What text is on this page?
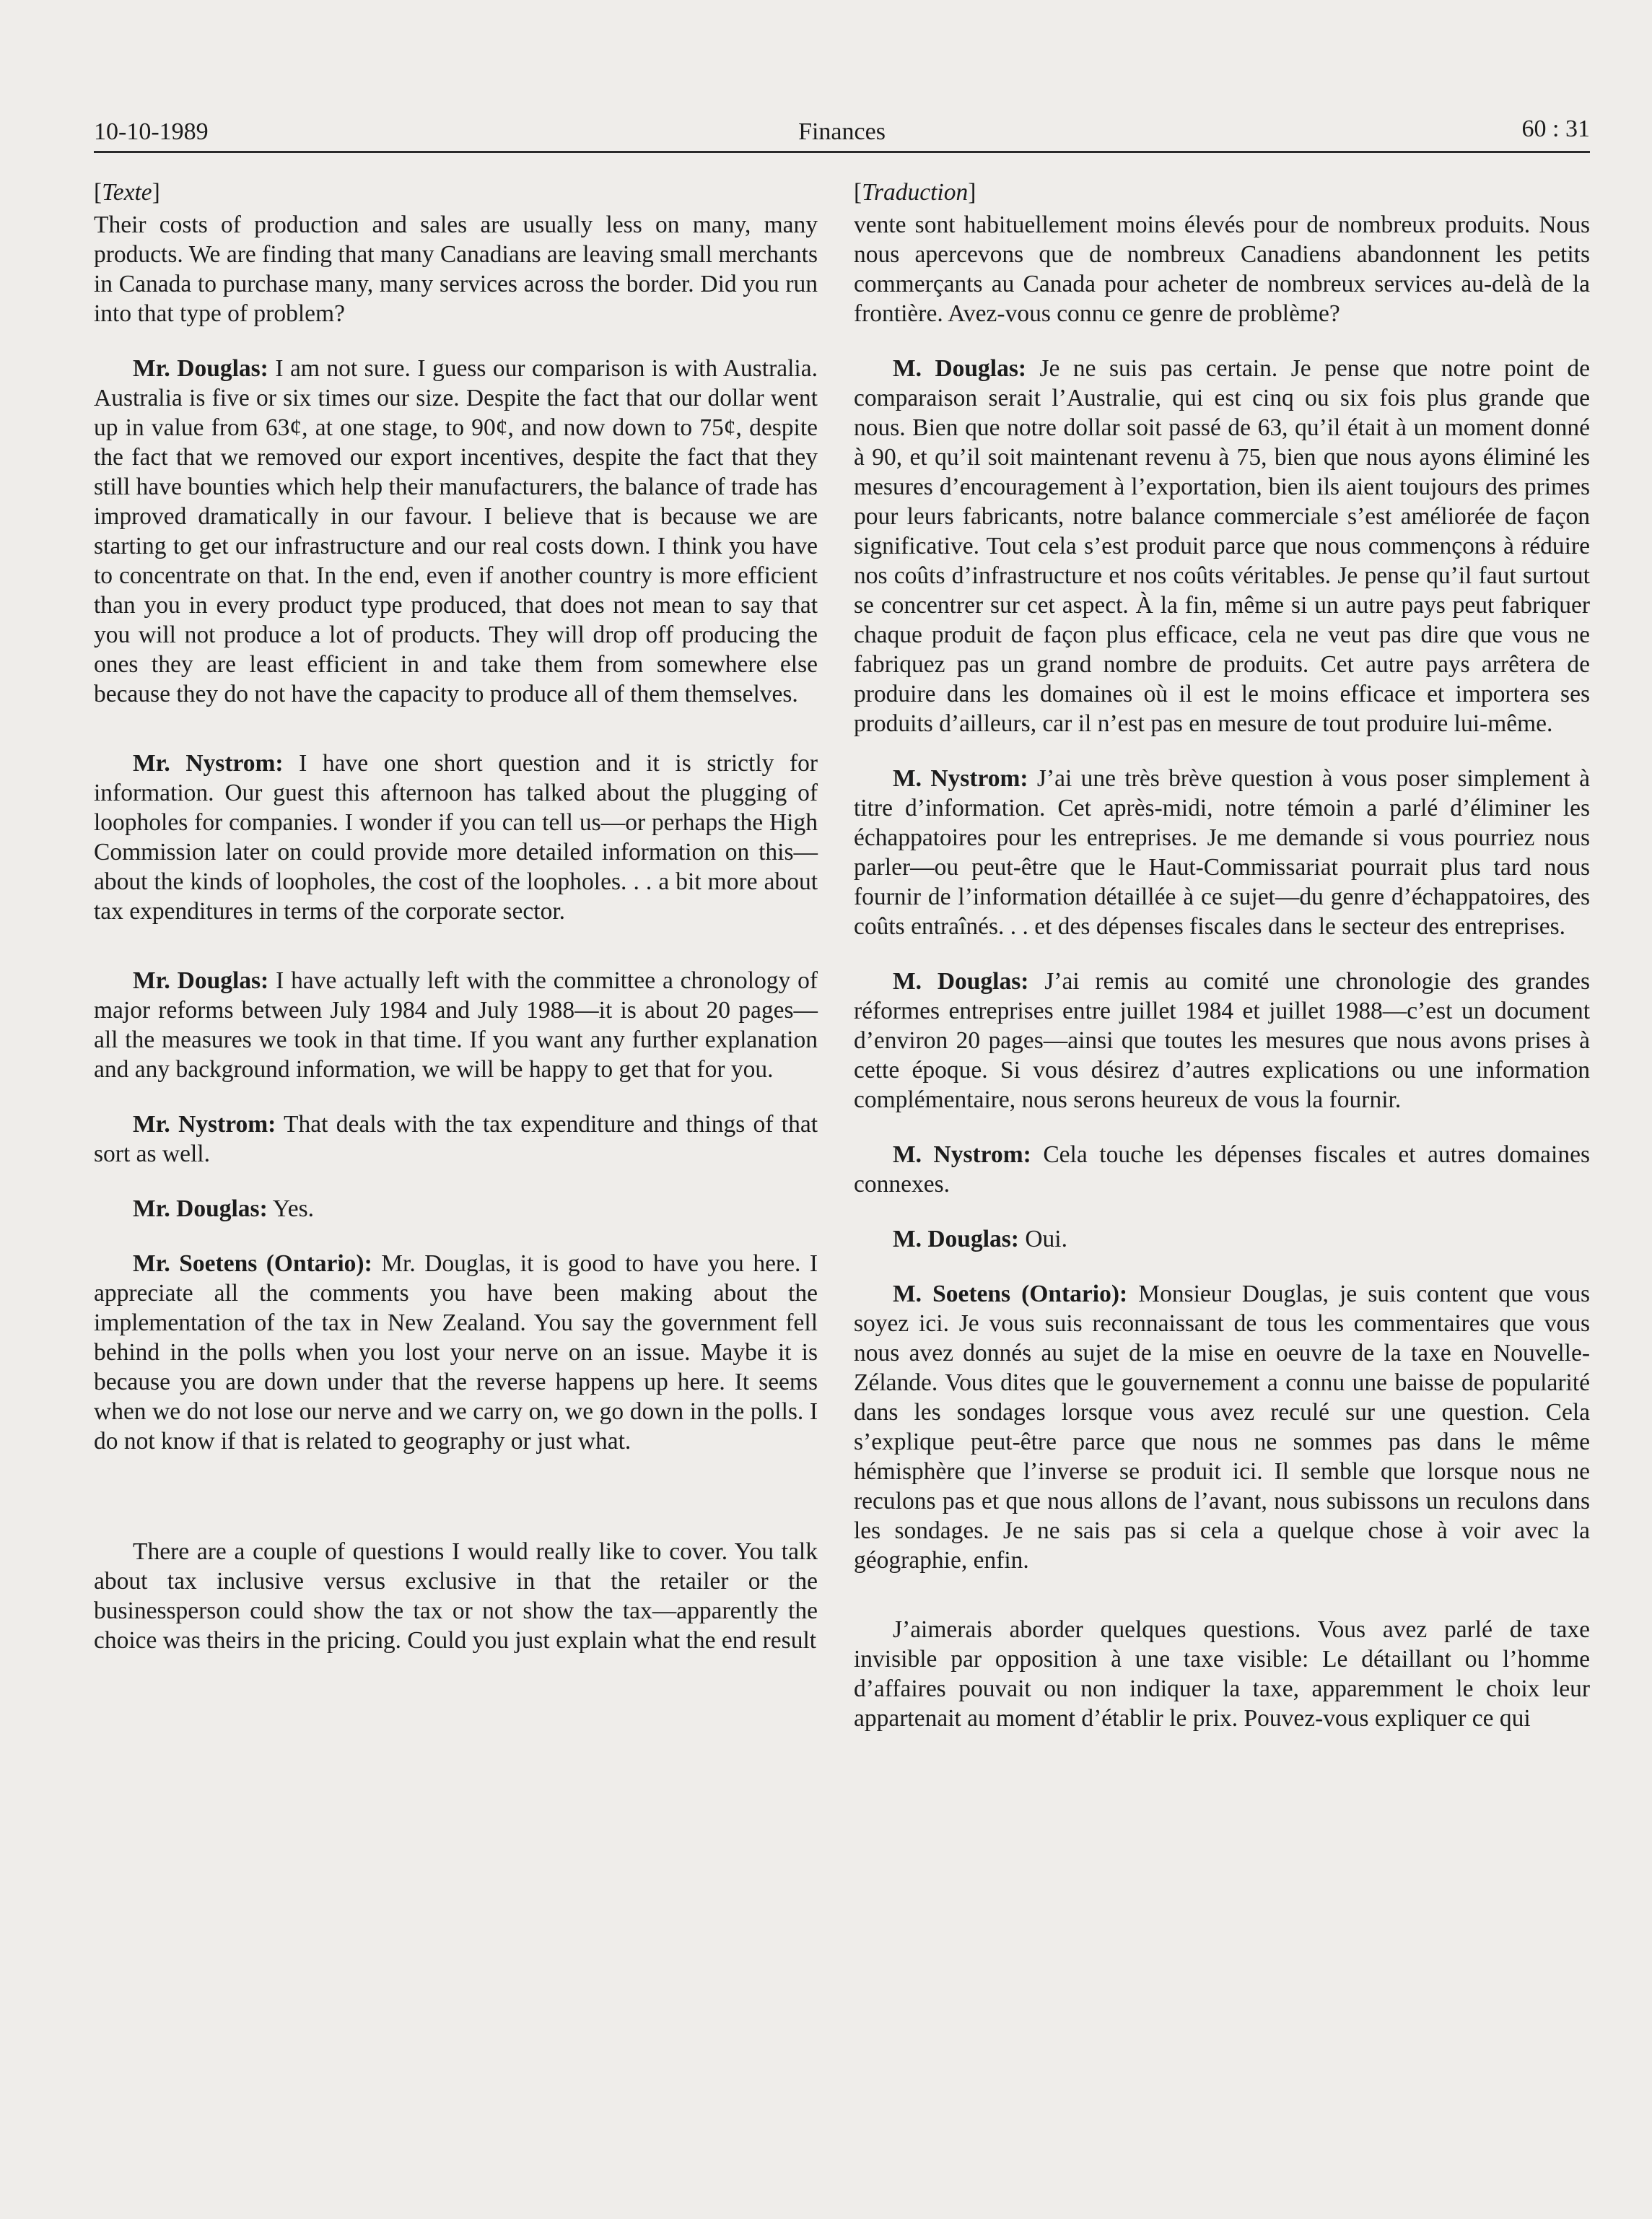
10-10-1989	Finances	60 : 31

[Texte]

Their costs of production and sales are usually less on many, many products. We are finding that many Canadians are leaving small merchants in Canada to purchase many, many services across the border. Did you run into that type of problem?

Mr. Douglas: I am not sure. I guess our comparison is with Australia. Australia is five or six times our size. Despite the fact that our dollar went up in value from 63¢, at one stage, to 90¢, and now down to 75¢, despite the fact that we removed our export incentives, despite the fact that they still have bounties which help their manufacturers, the balance of trade has improved dramatically in our favour. I believe that is because we are starting to get our infrastructure and our real costs down. I think you have to concentrate on that. In the end, even if another country is more efficient than you in every product type produced, that does not mean to say that you will not produce a lot of products. They will drop off producing the ones they are least efficient in and take them from somewhere else because they do not have the capacity to produce all of them themselves.

Mr. Nystrom: I have one short question and it is strictly for information. Our guest this afternoon has talked about the plugging of loopholes for companies. I wonder if you can tell us—or perhaps the High Commission later on could provide more detailed information on this—about the kinds of loopholes, the cost of the loopholes. . . a bit more about tax expenditures in terms of the corporate sector.

Mr. Douglas: I have actually left with the committee a chronology of major reforms between July 1984 and July 1988—it is about 20 pages—all the measures we took in that time. If you want any further explanation and any background information, we will be happy to get that for you.

Mr. Nystrom: That deals with the tax expenditure and things of that sort as well.

Mr. Douglas: Yes.

Mr. Soetens (Ontario): Mr. Douglas, it is good to have you here. I appreciate all the comments you have been making about the implementation of the tax in New Zealand. You say the government fell behind in the polls when you lost your nerve on an issue. Maybe it is because you are down under that the reverse happens up here. It seems when we do not lose our nerve and we carry on, we go down in the polls. I do not know if that is related to geography or just what.

There are a couple of questions I would really like to cover. You talk about tax inclusive versus exclusive in that the retailer or the businessperson could show the tax or not show the tax—apparently the choice was theirs in the pricing. Could you just explain what the end result

[Traduction]

vente sont habituellement moins élevés pour de nombreux produits. Nous nous apercevons que de nombreux Canadiens abandonnent les petits commerçants au Canada pour acheter de nombreux services au-delà de la frontière. Avez-vous connu ce genre de problème?

M. Douglas: Je ne suis pas certain. Je pense que notre point de comparaison serait l’Australie, qui est cinq ou six fois plus grande que nous. Bien que notre dollar soit passé de 63, qu’il était à un moment donné à 90, et qu’il soit maintenant revenu à 75, bien que nous ayons éliminé les mesures d’encouragement à l’exportation, bien ils aient toujours des primes pour leurs fabricants, notre balance commerciale s’est améliorée de façon significative. Tout cela s’est produit parce que nous commençons à réduire nos coûts d’infrastructure et nos coûts véritables. Je pense qu’il faut surtout se concentrer sur cet aspect. À la fin, même si un autre pays peut fabriquer chaque produit de façon plus efficace, cela ne veut pas dire que vous ne fabriquez pas un grand nombre de produits. Cet autre pays arrêtera de produire dans les domaines où il est le moins efficace et importera ses produits d’ailleurs, car il n’est pas en mesure de tout produire lui-même.

M. Nystrom: J’ai une très brève question à vous poser simplement à titre d’information. Cet après-midi, notre témoin a parlé d’éliminer les échappatoires pour les entreprises. Je me demande si vous pourriez nous parler—ou peut-être que le Haut-Commissariat pourrait plus tard nous fournir de l’information détaillée à ce sujet—du genre d’échappatoires, des coûts entraînés. . . et des dépenses fiscales dans le secteur des entreprises.

M. Douglas: J’ai remis au comité une chronologie des grandes réformes entreprises entre juillet 1984 et juillet 1988—c’est un document d’environ 20 pages—ainsi que toutes les mesures que nous avons prises à cette époque. Si vous désirez d’autres explications ou une information complémentaire, nous serons heureux de vous la fournir.

M. Nystrom: Cela touche les dépenses fiscales et autres domaines connexes.

M. Douglas: Oui.

M. Soetens (Ontario): Monsieur Douglas, je suis content que vous soyez ici. Je vous suis reconnaissant de tous les commentaires que vous nous avez donnés au sujet de la mise en oeuvre de la taxe en Nouvelle-Zélande. Vous dites que le gouvernement a connu une baisse de popularité dans les sondages lorsque vous avez reculé sur une question. Cela s’explique peut-être parce que nous ne sommes pas dans le même hémisphère que l’inverse se produit ici. Il semble que lorsque nous ne reculons pas et que nous allons de l’avant, nous subissons un reculons dans les sondages. Je ne sais pas si cela a quelque chose à voir avec la géographie, enfin.

J’aimerais aborder quelques questions. Vous avez parlé de taxe invisible par opposition à une taxe visible: Le détaillant ou l’homme d’affaires pouvait ou non indiquer la taxe, apparemment le choix leur appartenait au moment d’établir le prix. Pouvez-vous expliquer ce qui
